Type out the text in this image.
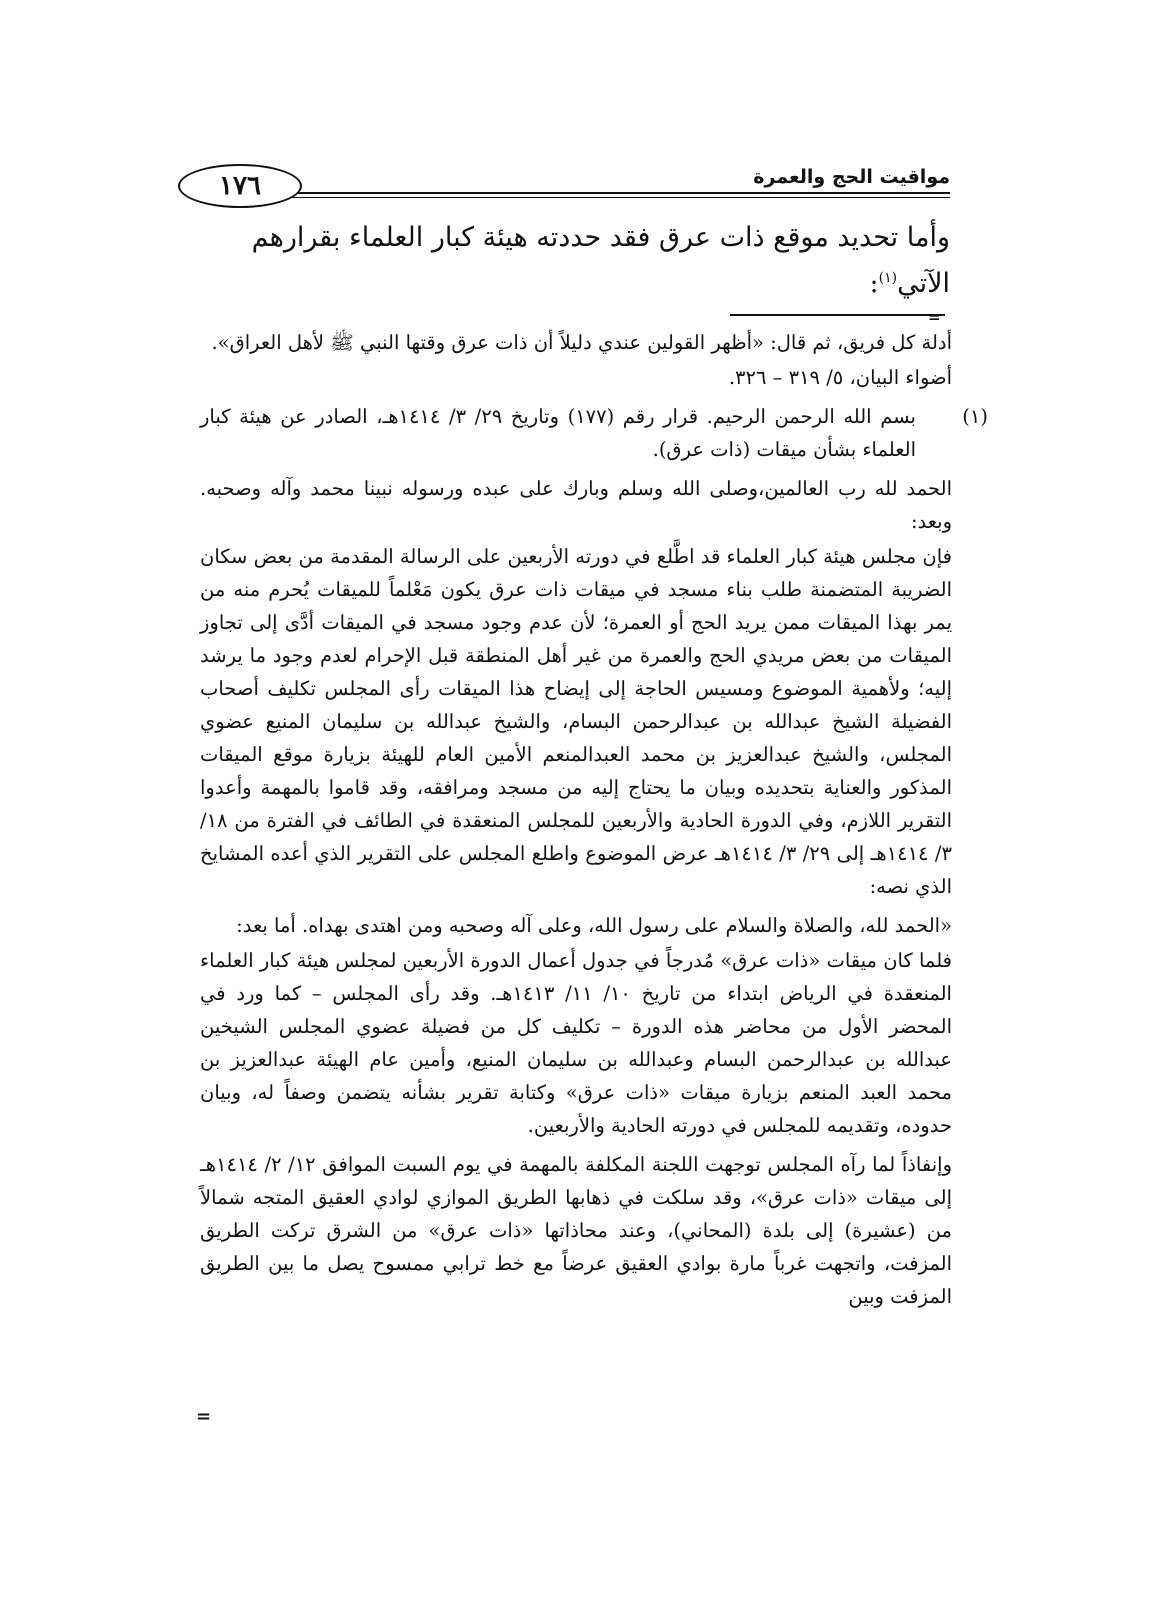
١٧٦	مواقيت الحج والعمرة
وأما تحديد موقع ذات عرق فقد حددته هيئة كبار العلماء بقرارهم الآتي$^{(١)}$:
=

أدلة كل فريق، ثم قال: «أظهر القولين عندي دليلاً أن ذات عرق وقتها النبي ﷺ لأهل العراق».

أضواء البيان، ٥/ ٣١٩ – ٣٢٦.

(١)بسم الله الرحمن الرحيم. قرار رقم (١٧٧) وتاريخ ٢٩/ ٣/ ١٤١٤هـ، الصادر عن هيئة كبار العلماء بشأن ميقات (ذات عرق).

الحمد لله رب العالمين،وصلى الله وسلم وبارك على عبده ورسوله نبينا محمد وآله وصحبه. وبعد:

فإن مجلس هيئة كبار العلماء قد اطَّلع في دورته الأربعين على الرسالة المقدمة من بعض سكان الضريبة المتضمنة طلب بناء مسجد في ميقات ذات عرق يكون مَعْلماً للميقات يُحرم منه من يمر بهذا الميقات ممن يريد الحج أو العمرة؛ لأن عدم وجود مسجد في الميقات أدَّى إلى تجاوز الميقات من بعض مريدي الحج والعمرة من غير أهل المنطقة قبل الإحرام لعدم وجود ما يرشد إليه؛ ولأهمية الموضوع ومسيس الحاجة إلى إيضاح هذا الميقات رأى المجلس تكليف أصحاب الفضيلة الشيخ عبدالله بن عبدالرحمن البسام، والشيخ عبدالله بن سليمان المنيع عضوي المجلس، والشيخ عبدالعزيز بن محمد العبدالمنعم الأمين العام للهيئة بزيارة موقع الميقات المذكور والعناية بتحديده وبيان ما يحتاج إليه من مسجد ومرافقه، وقد قاموا بالمهمة وأعدوا التقرير اللازم، وفي الدورة الحادية والأربعين للمجلس المنعقدة في الطائف في الفترة من ١٨/ ٣/ ١٤١٤هـ إلى ٢٩/ ٣/ ١٤١٤هـ عرض الموضوع واطلع المجلس على التقرير الذي أعده المشايخ الذي نصه:

«الحمد لله، والصلاة والسلام على رسول الله، وعلى آله وصحبه ومن اهتدى بهداه. أما بعد:

فلما كان ميقات «ذات عرق» مُدرجاً في جدول أعمال الدورة الأربعين لمجلس هيئة كبار العلماء المنعقدة في الرياض ابتداء من تاريخ ١٠/ ١١/ ١٤١٣هـ. وقد رأى المجلس – كما ورد في المحضر الأول من محاضر هذه الدورة – تكليف كل من فضيلة عضوي المجلس الشيخين عبدالله بن عبدالرحمن البسام وعبدالله بن سليمان المنيع، وأمين عام الهيئة عبدالعزيز بن محمد العبد المنعم بزيارة ميقات «ذات عرق» وكتابة تقرير بشأنه يتضمن وصفاً له، وبيان حدوده، وتقديمه للمجلس في دورته الحادية والأربعين.

وإنفاذاً لما رآه المجلس توجهت اللجنة المكلفة بالمهمة في يوم السبت الموافق ١٢/ ٢/ ١٤١٤هـ إلى ميقات «ذات عرق»، وقد سلكت في ذهابها الطريق الموازي لوادي العقيق المتجه شمالاً من (عشيرة) إلى بلدة (المحاني)، وعند محاذاتها «ذات عرق» من الشرق تركت الطريق المزفت، واتجهت غرباً مارة بوادي العقيق عرضاً مع خط ترابي ممسوح يصل ما بين الطريق المزفت وبين

=
